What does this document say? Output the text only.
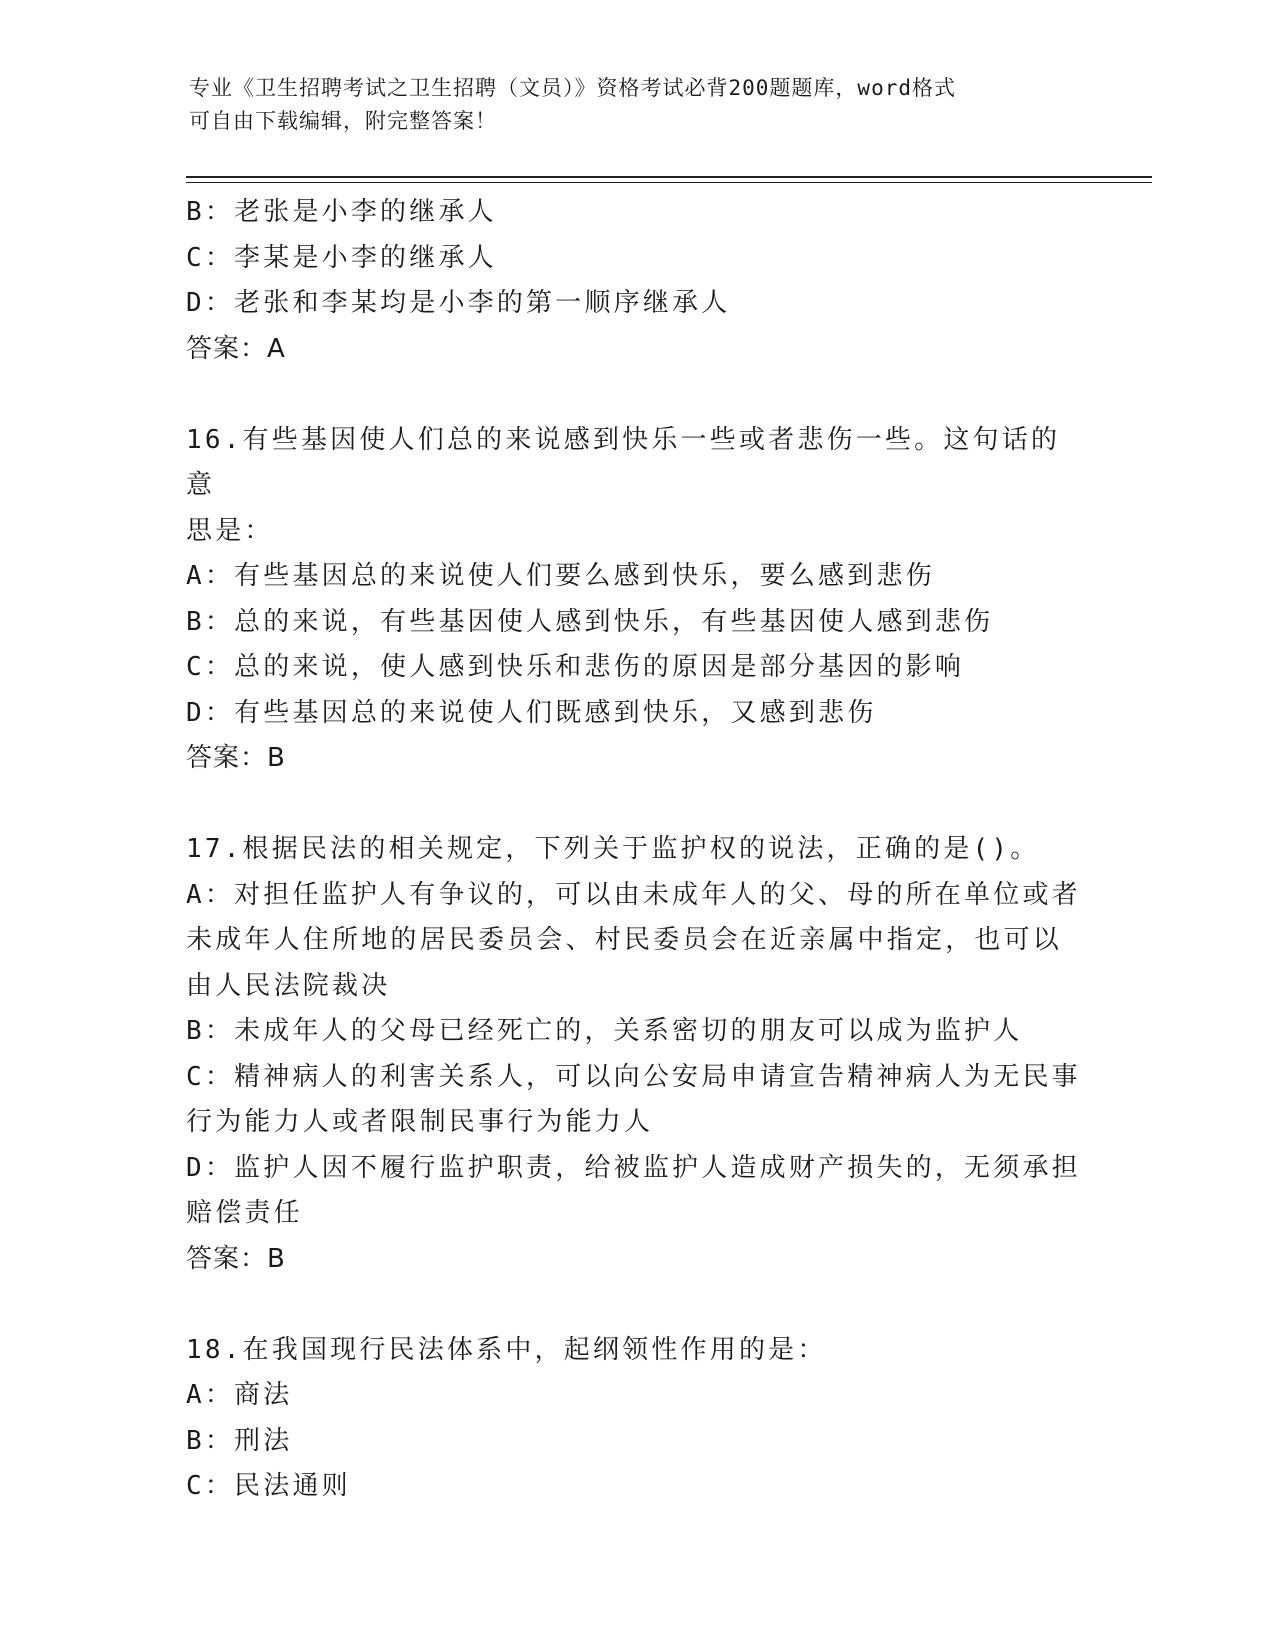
专业《卫生招聘考试之卫生招聘（文员）》资格考试必背200题题库，word格式
可自由下载编辑，附完整答案！

B：老张是小李的继承人

C：李某是小李的继承人

D：老张和李某均是小李的第一顺序继承人

答案：A

16.有些基因使人们总的来说感到快乐一些或者悲伤一些。这句话的意

思是：

A：有些基因总的来说使人们要么感到快乐，要么感到悲伤

B：总的来说，有些基因使人感到快乐，有些基因使人感到悲伤

C：总的来说，使人感到快乐和悲伤的原因是部分基因的影响

D：有些基因总的来说使人们既感到快乐，又感到悲伤

答案：B

17.根据民法的相关规定，下列关于监护权的说法，正确的是()。

A：对担任监护人有争议的，可以由未成年人的父、母的所在单位或者

未成年人住所地的居民委员会、村民委员会在近亲属中指定，也可以

由人民法院裁决

B：未成年人的父母已经死亡的，关系密切的朋友可以成为监护人

C：精神病人的利害关系人，可以向公安局申请宣告精神病人为无民事

行为能力人或者限制民事行为能力人

D：监护人因不履行监护职责，给被监护人造成财产损失的，无须承担

赔偿责任

答案：B

18.在我国现行民法体系中，起纲领性作用的是：

A：商法

B：刑法

C：民法通则
